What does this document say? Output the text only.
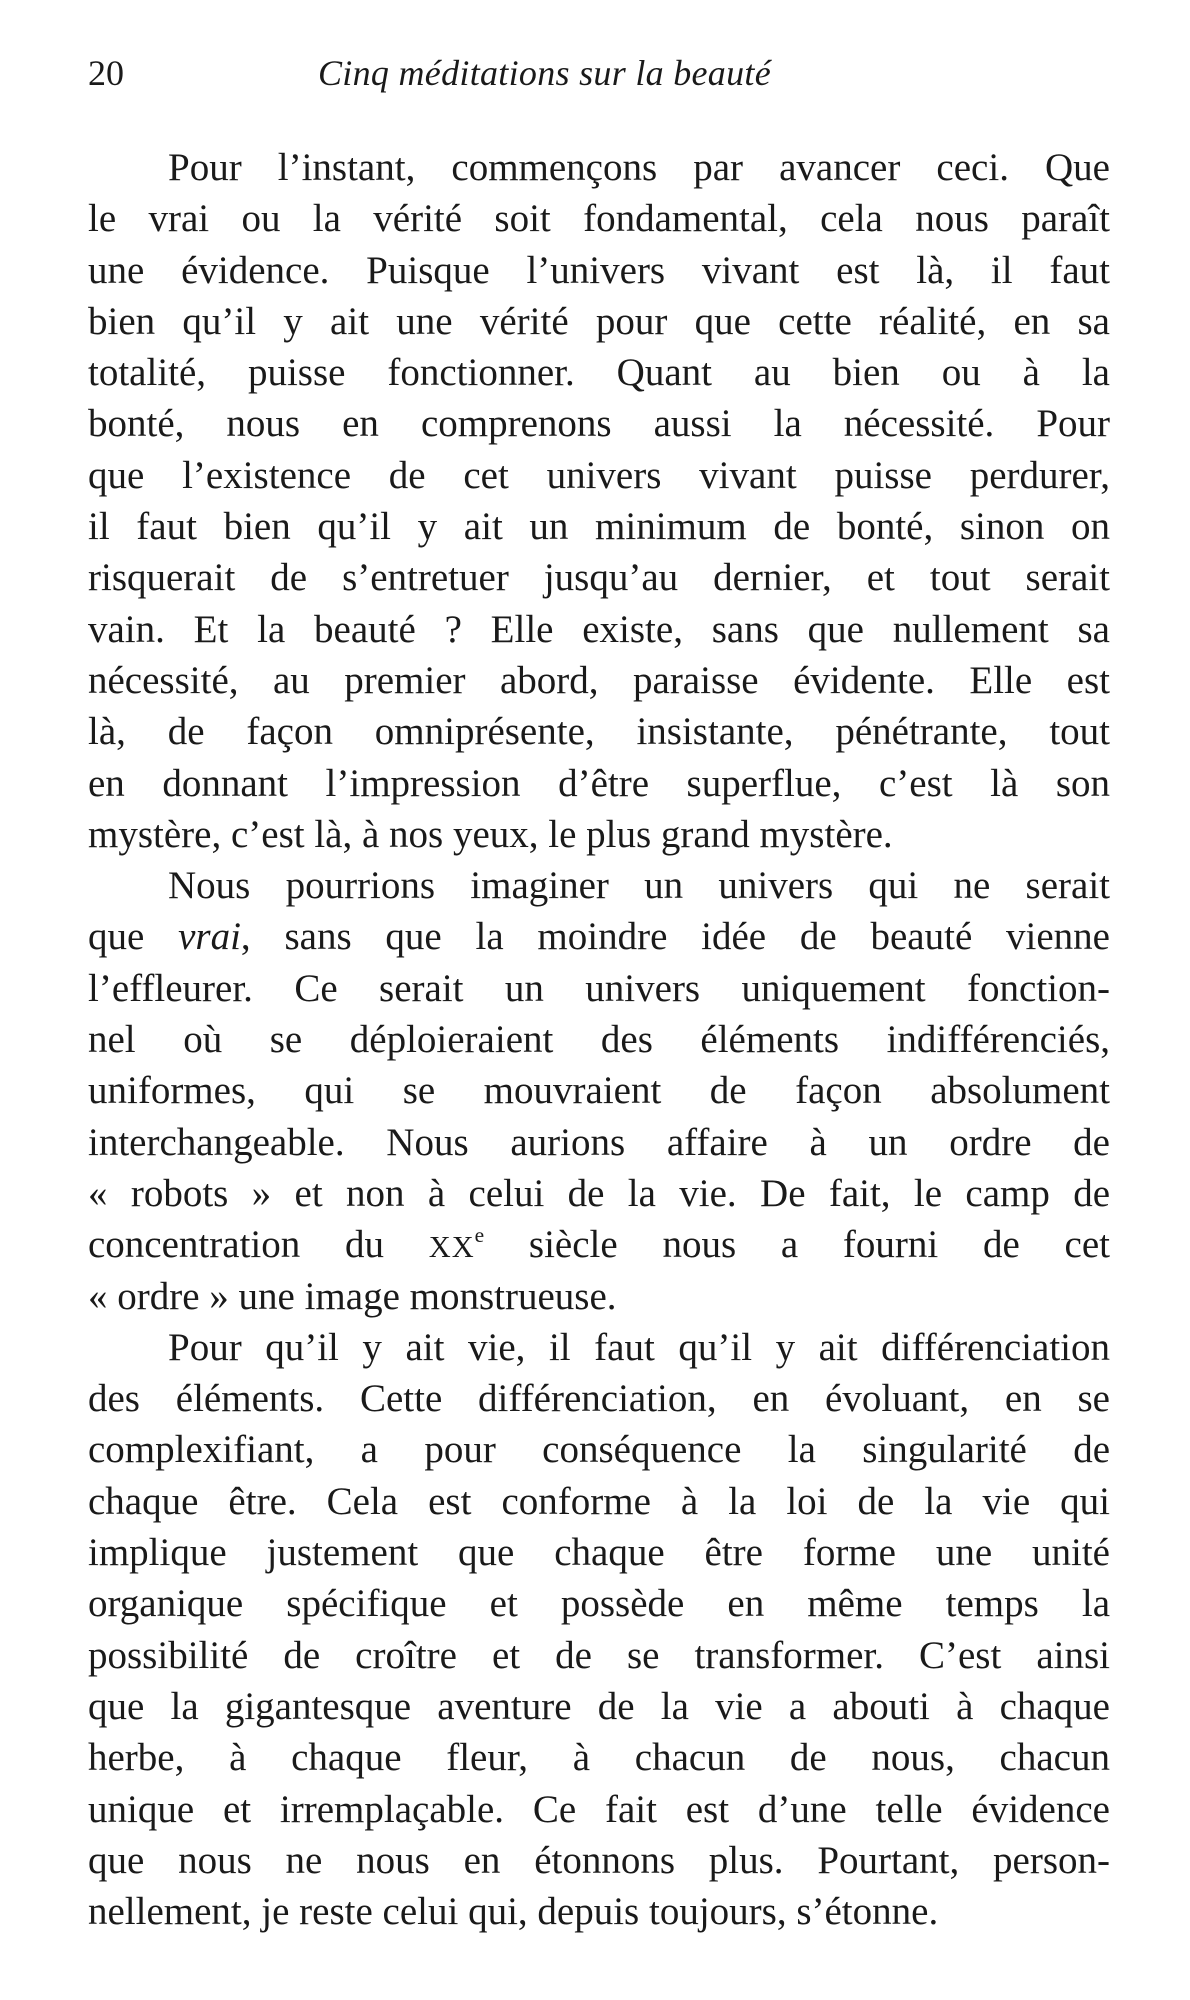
20	Cinq méditations sur la beauté
Pour l’instant, commençons par avancer ceci. Que
le vrai ou la vérité soit fondamental, cela nous paraît
une évidence. Puisque l’univers vivant est là, il faut
bien qu’il y ait une vérité pour que cette réalité, en sa
totalité, puisse fonctionner. Quant au bien ou à la
bonté, nous en comprenons aussi la nécessité. Pour
que l’existence de cet univers vivant puisse perdurer,
il faut bien qu’il y ait un minimum de bonté, sinon on
risquerait de s’entretuer jusqu’au dernier, et tout serait
vain. Et la beauté ? Elle existe, sans que nullement sa
nécessité, au premier abord, paraisse évidente. Elle est
là, de façon omniprésente, insistante, pénétrante, tout
en donnant l’impression d’être superflue, c’est là son
mystère, c’est là, à nos yeux, le plus grand mystère.
Nous pourrions imaginer un univers qui ne serait
que vrai, sans que la moindre idée de beauté vienne
l’effleurer. Ce serait un univers uniquement fonction-
nel où se déploieraient des éléments indifférenciés,
uniformes, qui se mouvraient de façon absolument
interchangeable. Nous aurions affaire à un ordre de
« robots » et non à celui de la vie. De fait, le camp de
concentration du XXe siècle nous a fourni de cet
« ordre » une image monstrueuse.
Pour qu’il y ait vie, il faut qu’il y ait différenciation
des éléments. Cette différenciation, en évoluant, en se
complexifiant, a pour conséquence la singularité de
chaque être. Cela est conforme à la loi de la vie qui
implique justement que chaque être forme une unité
organique spécifique et possède en même temps la
possibilité de croître et de se transformer. C’est ainsi
que la gigantesque aventure de la vie a abouti à chaque
herbe, à chaque fleur, à chacun de nous, chacun
unique et irremplaçable. Ce fait est d’une telle évidence
que nous ne nous en étonnons plus. Pourtant, person-
nellement, je reste celui qui, depuis toujours, s’étonne.
